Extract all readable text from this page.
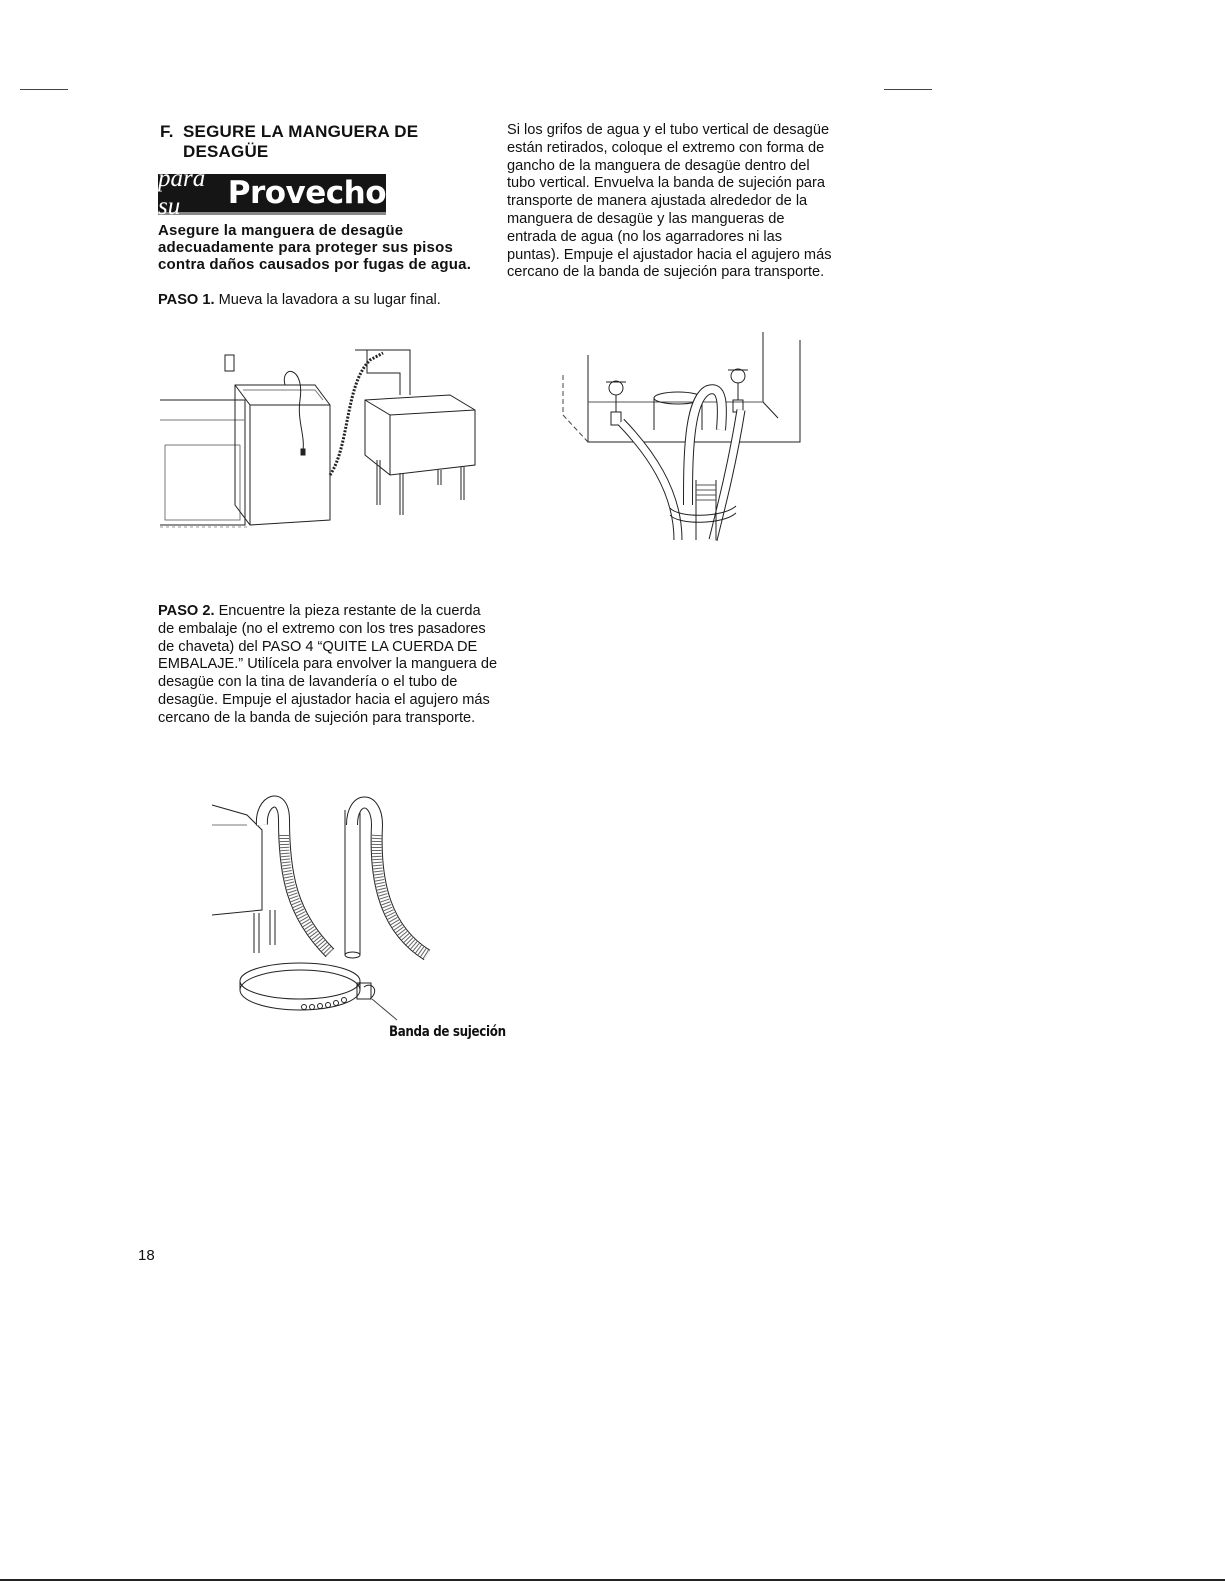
F. SEGURE LA MANGUERA DE
DESAGÜE
para su	Provecho
Asegure la manguera de desagüe adecuadamente para proteger sus pisos contra daños causados por fugas de agua.
PASO 1. Mueva la lavadora a su lugar final.
Si los grifos de agua y el tubo vertical de desagüe están retirados, coloque el extremo con forma de gancho de la manguera de desagüe dentro del tubo vertical. Envuelva la banda de sujeción para transporte de manera ajustada alrededor de la manguera de desagüe y las mangueras de entrada de agua (no los agarradores ni las puntas). Empuje el ajustador hacia el agujero más cercano de la banda de sujeción para transporte.
PASO 2. Encuentre la pieza restante de la cuerda de embalaje (no el extremo con los tres pasadores de chaveta) del PASO 4 “QUITE LA CUERDA DE EMBALAJE.” Utilícela para envolver la manguera de desagüe con la tina de lavandería o el tubo de desagüe. Empuje el ajustador hacia el agujero más cercano de la banda de sujeción para transporte.
Banda de sujeción
18
